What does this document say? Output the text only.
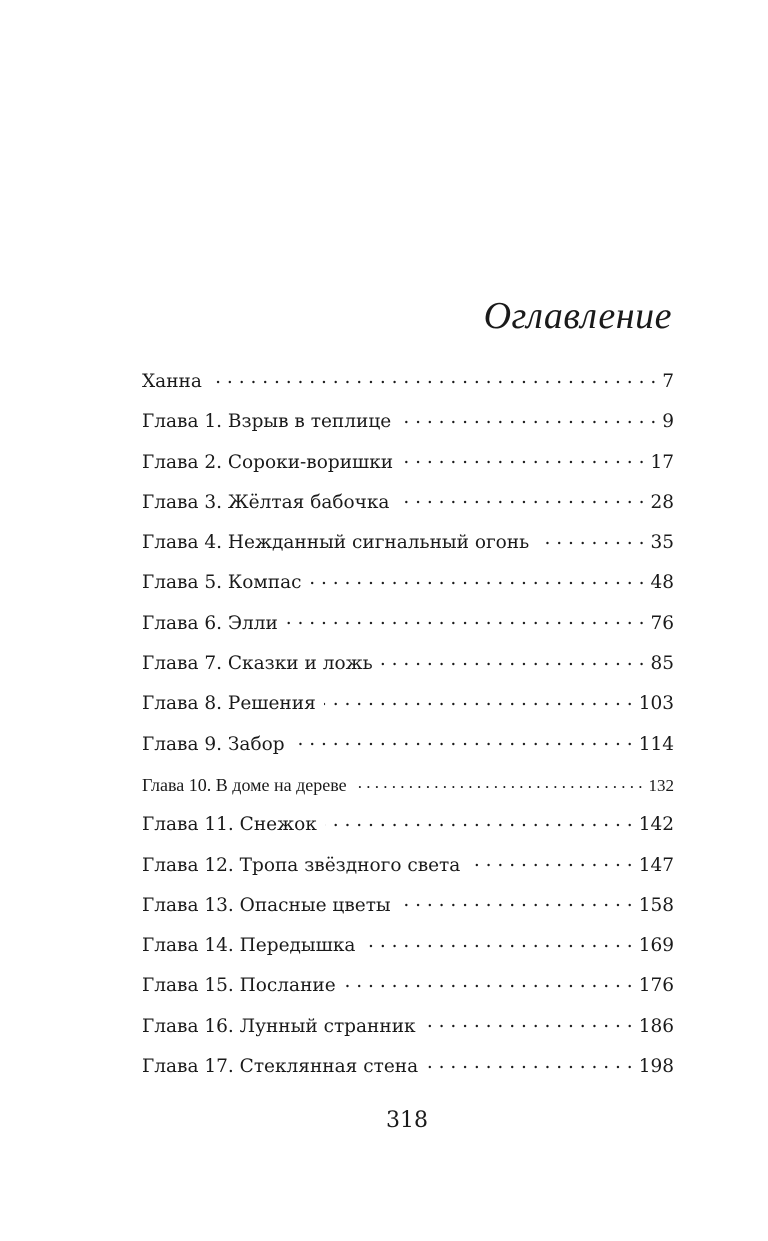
Оглавление
Ханна . . .	7
Глава 1. Взрыв в теплице . . .	9
Глава 2. Сороки-воришки . . .	17
Глава 3. Жёлтая бабочка . . .	28
Глава 4. Нежданный сигнальный огонь . . .	35
Глава 5. Компас . . .	48
Глава 6. Элли . . .	76
Глава 7. Сказки и ложь . . .	85
Глава 8. Решения . . .	103
Глава 9. Забор . . .	114
Глава 10. В доме на дереве . . .	132
Глава 11. Снежок . . .	142
Глава 12. Тропа звёздного света . . .	147
Глава 13. Опасные цветы . . .	158
Глава 14. Передышка . . .	169
Глава 15. Послание . . .	176
Глава 16. Лунный странник . . .	186
Глава 17. Стеклянная стена . . .	198
318
